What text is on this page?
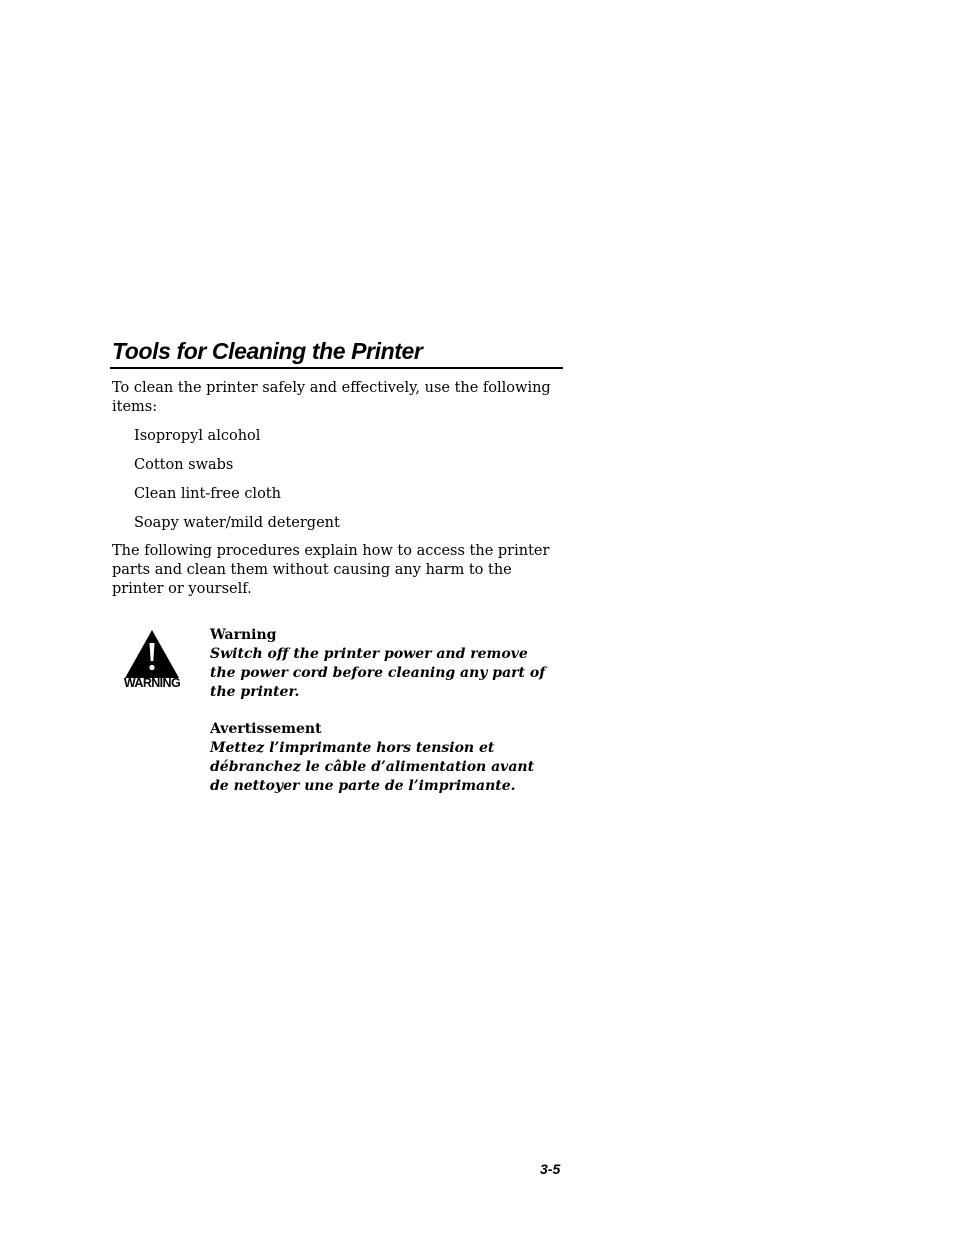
Tools for Cleaning the Printer

To clean the printer safely and effectively, use the following items:

Isopropyl alcohol
Cotton swabs
Clean lint-free cloth
Soapy water/mild detergent

The following procedures explain how to access the printer parts and clean them without causing any harm to the printer or yourself.

WARNING
Warning
Switch off the printer power and remove the power cord before cleaning any part of the printer.
Avertissement
Mettez l’imprimante hors tension et débranchez le câble d’alimentation avant de nettoyer une parte de l’imprimante.
3-5
